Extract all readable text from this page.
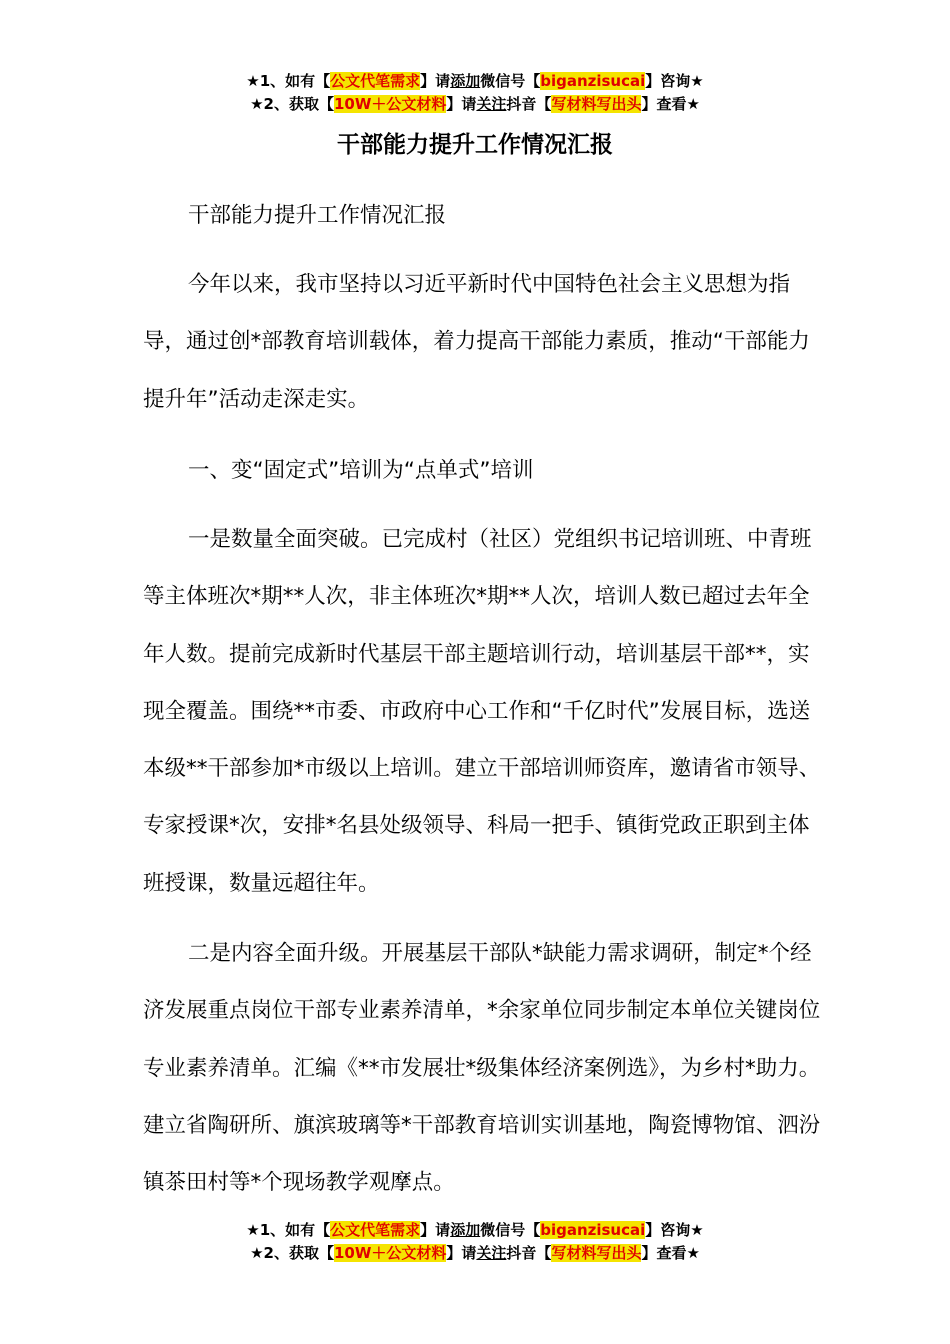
★1、如有【公文代笔需求】请添加微信号【biganzisucai】咨询★
★2、获取【10W＋公文材料】请关注抖音【写材料写出头】查看★
干部能力提升工作情况汇报

干部能力提升工作情况汇报

今年以来，我市坚持以习近平新时代中国特色社会主义思想为指导，通过创*部教育培训载体，着力提高干部能力素质，推动“干部能力提升年”活动走深走实。

一、变“固定式”培训为“点单式”培训

一是数量全面突破。已完成村（社区）党组织书记培训班、中青班等主体班次*期**人次，非主体班次*期**人次，培训人数已超过去年全年人数。提前完成新时代基层干部主题培训行动，培训基层干部**，实现全覆盖。围绕**市委、市政府中心工作和“千亿时代”发展目标，选送本级**干部参加*市级以上培训。建立干部培训师资库，邀请省市领导、专家授课*次，安排*名县处级领导、科局一把手、镇街党政正职到主体班授课，数量远超往年。

二是内容全面升级。开展基层干部队*缺能力需求调研，制定*个经济发展重点岗位干部专业素养清单，*余家单位同步制定本单位关键岗位专业素养清单。汇编《**市发展壮*级集体经济案例选》，为乡村*助力。建立省陶研所、旗滨玻璃等*干部教育培训实训基地，陶瓷博物馆、泗汾镇茶田村等*个现场教学观摩点。

★1、如有【公文代笔需求】请添加微信号【biganzisucai】咨询★
★2、获取【10W＋公文材料】请关注抖音【写材料写出头】查看★
